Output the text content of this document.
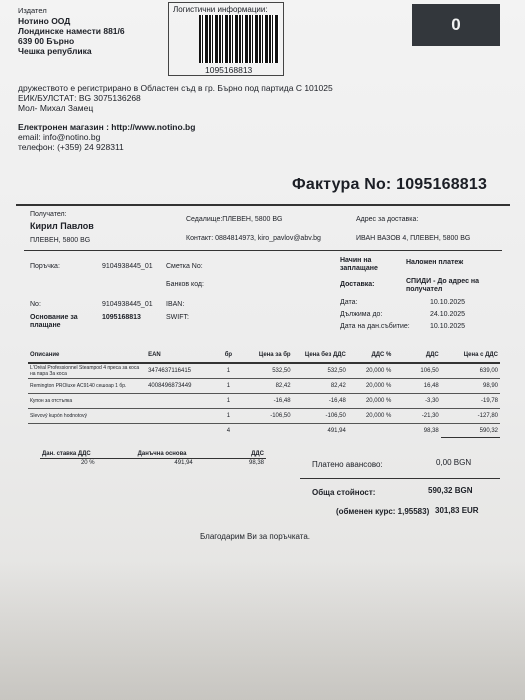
Издател
Нотино ООД
Лондинске намести 881/6
639 00 Бърно
Чешка република
Логистични информации:
1095168813
0
дружеството е регистрирано в Областен съд в гр. Бърно под партида C 101025
ЕИК/БУЛСТАТ: BG 3075136268
Мол- Михал Замец
Електронен магазин : http://www.notino.bg
email: info@notino.bg
телефон: (+359) 24 928311
Фактура No: 1095168813
Получател:
Кирил Павлов
ПЛЕВЕН, 5800 BG
Седалище:ПЛЕВЕН, 5800 BG
Контакт: 0884814973, kiro_pavlov@abv.bg
Адрес за доставка:
ИВАН ВАЗОВ 4, ПЛЕВЕН, 5800 BG
Поръчка:	9104938445_01 Сметка No:
Банков код:
Начин на заплащане
Наложен платеж
Доставка:	СПИДИ - До адрес на получател
No:	9104938445_01 IBAN:
Основание за плащане
1095168813	SWIFT:
Дата:	10.10.2025
Дължима до:	24.10.2025
Дата на дан.събитие:	10.10.2025
Описание	EAN	бр	Цена за бр	Цена без ДДС	ДДС %	ДДС	Цена с ДДС
L'Oréal Professionnel Steampod 4 преса за коса на пара За коса	3474637116415	1	532,50	532,50	20,000 %	106,50	639,00
Remington PROluxe AC9140 сешоар 1 бр.	4008496873449	1	82,42	82,42	20,000 %	16,48	98,90
Купон за отстъпка		1	-16,48	-16,48	20,000 %	-3,30	-19,78
Slevový kupón hodnotový		1	-106,50	-106,50	20,000 %	-21,30	-127,80
		4		491,94		98,38	590,32
Дан. ставка ДДС	Данъчна основа	ДДС
20 %	491,94	98,38	Платено авансово:	0,00 BGN
Обща стойност:	590,32 BGN
(обменен курс: 1,95583) 301,83 EUR
Благодарим Ви за поръчката.
